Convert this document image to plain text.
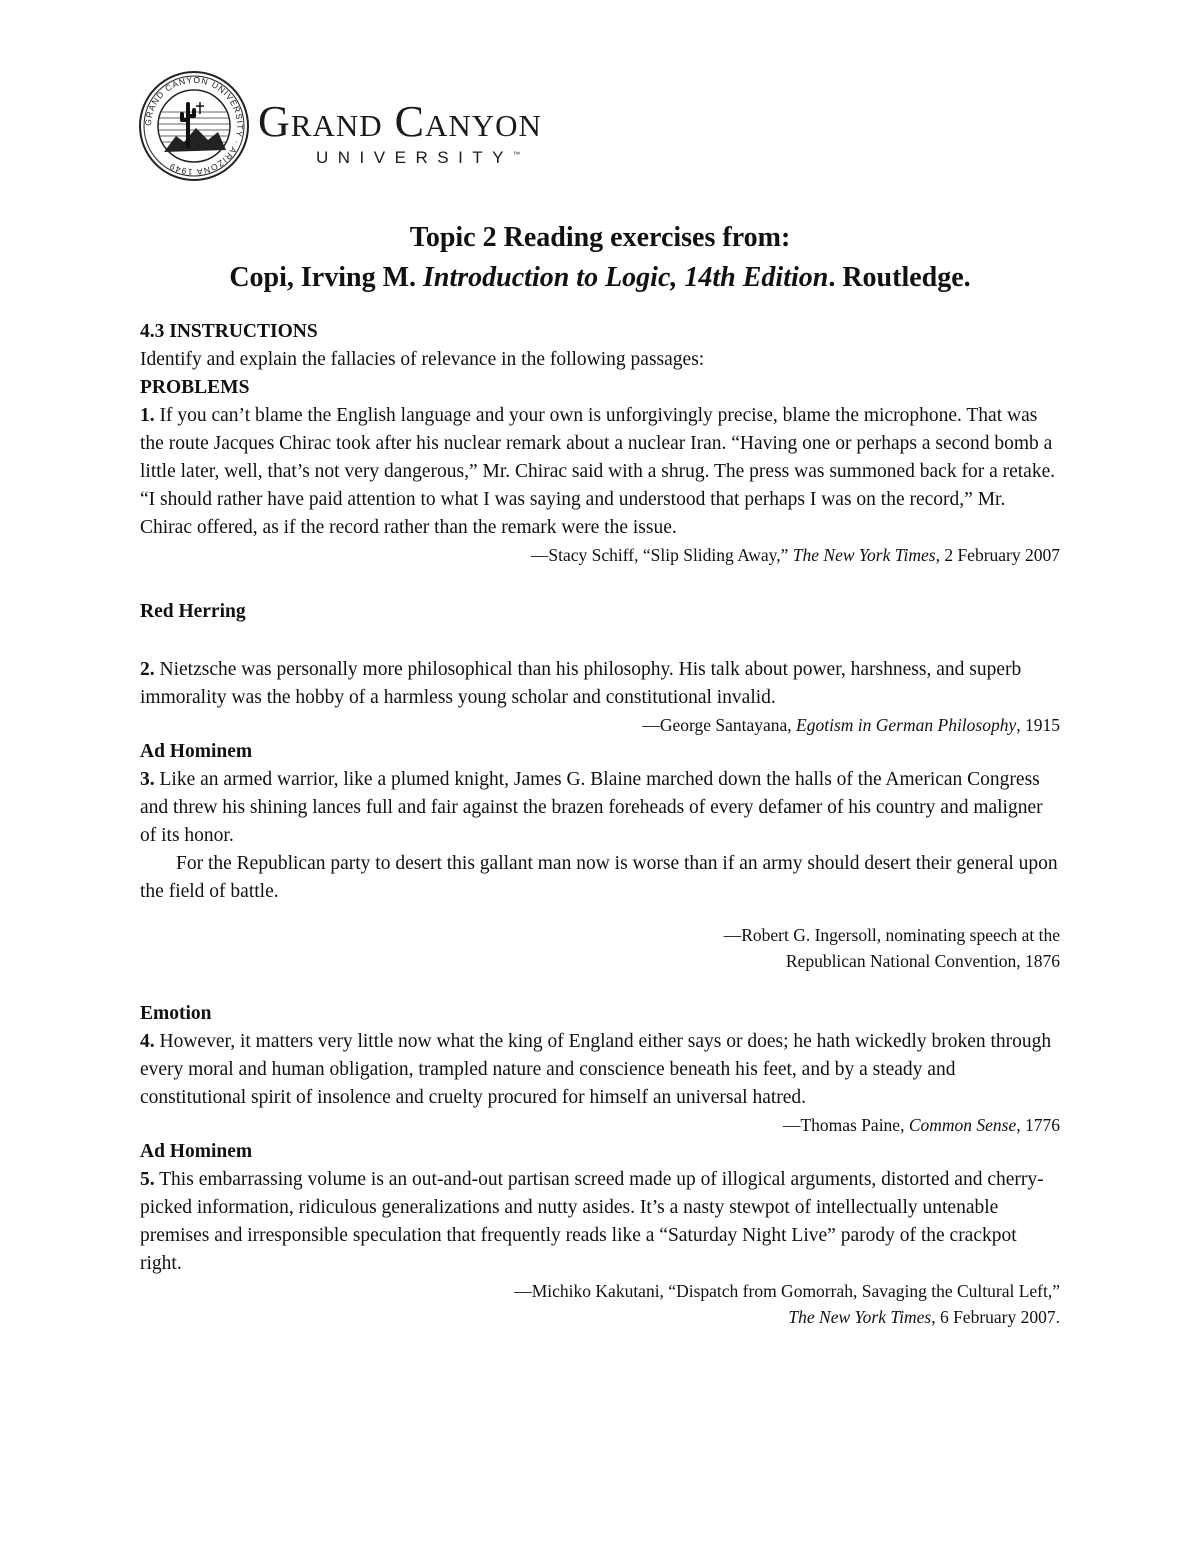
GRAND CANYON UNIVERSITY · ARIZONA 1949
Grand Canyon
UNIVERSITY™
Topic 2 Reading exercises from:
Copi, Irving M. Introduction to Logic, 14th Edition. Routledge.

4.3 INSTRUCTIONS

Identify and explain the fallacies of relevance in the following passages:

PROBLEMS

1. If you can’t blame the English language and your own is unforgivingly precise, blame the microphone. That was the route Jacques Chirac took after his nuclear remark about a nuclear Iran. “Having one or perhaps a second bomb a little later, well, that’s not very dangerous,” Mr. Chirac said with a shrug. The press was summoned back for a retake. “I should rather have paid attention to what I was saying and understood that perhaps I was on the record,” Mr. Chirac offered, as if the record rather than the remark were the issue.

—Stacy Schiff, “Slip Sliding Away,” The New York Times, 2 February 2007

Red Herring

2. Nietzsche was personally more philosophical than his philosophy. His talk about power, harshness, and superb immorality was the hobby of a harmless young scholar and constitutional invalid.

—George Santayana, Egotism in German Philosophy, 1915

Ad Hominem

3. Like an armed warrior, like a plumed knight, James G. Blaine marched down the halls of the American Congress and threw his shining lances full and fair against the brazen foreheads of every defamer of his country and maligner of its honor.

For the Republican party to desert this gallant man now is worse than if an army should desert their general upon the field of battle.

—Robert G. Ingersoll, nominating speech at the

Republican National Convention, 1876

Emotion

4. However, it matters very little now what the king of England either says or does; he hath wickedly broken through every moral and human obligation, trampled nature and conscience beneath his feet, and by a steady and constitutional spirit of insolence and cruelty procured for himself an universal hatred.

—Thomas Paine, Common Sense, 1776

Ad Hominem

5. This embarrassing volume is an out-and-out partisan screed made up of illogical arguments, distorted and cherry-picked information, ridiculous generalizations and nutty asides. It’s a nasty stewpot of intellectually untenable premises and irresponsible speculation that frequently reads like a “Saturday Night Live” parody of the crackpot right.

—Michiko Kakutani, “Dispatch from Gomorrah, Savaging the Cultural Left,”

The New York Times, 6 February 2007.
